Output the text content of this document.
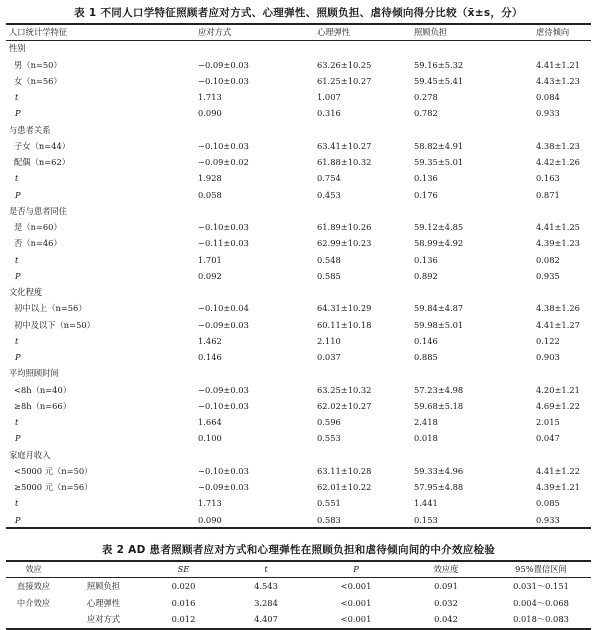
表 1 不同人口学特征照顾者应对方式、心理弹性、照顾负担、虐待倾向得分比较（x̄±s，分）
人口统计学特征	应对方式	心理弹性	照顾负担	虐待倾向
性别				
男（n=50）	−0.09±0.03	63.26±10.25	59.16±5.32	4.41±1.21
女（n=56）	−0.10±0.03	61.25±10.27	59.45±5.41	4.43±1.23
t	1.713	1.007	0.278	0.084
P	0.090	0.316	0.782	0.933
与患者关系				
子女（n=44）	−0.10±0.03	63.41±10.27	58.82±4.91	4.38±1.23
配偶（n=62）	−0.09±0.02	61.88±10.32	59.35±5.01	4.42±1.26
t	1.928	0.754	0.136	0.163
P	0.058	0.453	0.176	0.871
是否与患者同住				
是（n=60）	−0.10±0.03	61.89±10.26	59.12±4.85	4.41±1.25
否（n=46）	−0.11±0.03	62.99±10.23	58.99±4.92	4.39±1.23
t	1.701	0.548	0.136	0.082
P	0.092	0.585	0.892	0.935
文化程度				
初中以上（n=56）	−0.10±0.04	64.31±10.29	59.84±4.87	4.38±1.26
初中及以下（n=50）	−0.09±0.03	60.11±10.18	59.98±5.01	4.41±1.27
t	1.462	2.110	0.146	0.122
P	0.146	0.037	0.885	0.903
平均照顾时间				
<8h（n=40）	−0.09±0.03	63.25±10.32	57.23±4.98	4.20±1.21
≥8h（n=66）	−0.10±0.03	62.02±10.27	59.68±5.18	4.69±1.22
t	1.664	0.596	2.418	2.015
P	0.100	0.553	0.018	0.047
家庭月收入				
<5000 元（n=50）	−0.10±0.03	63.11±10.28	59.33±4.96	4.41±1.22
≥5000 元（n=56）	−0.09±0.03	62.01±10.22	57.95±4.88	4.39±1.21
t	1.713	0.551	1.441	0.085
P	0.090	0.583	0.153	0.933
表 2 AD 患者照顾者应对方式和心理弹性在照顾负担和虐待倾向间的中介效应检验
效应		SE	t	P	效应度	95%置信区间
直接效应	照顾负担	0.020	4.543	<0.001	0.091	0.031～0.151
中介效应	心理弹性	0.016	3.284	<0.001	0.032	0.004～0.068
	应对方式	0.012	4.407	<0.001	0.042	0.018～0.083
